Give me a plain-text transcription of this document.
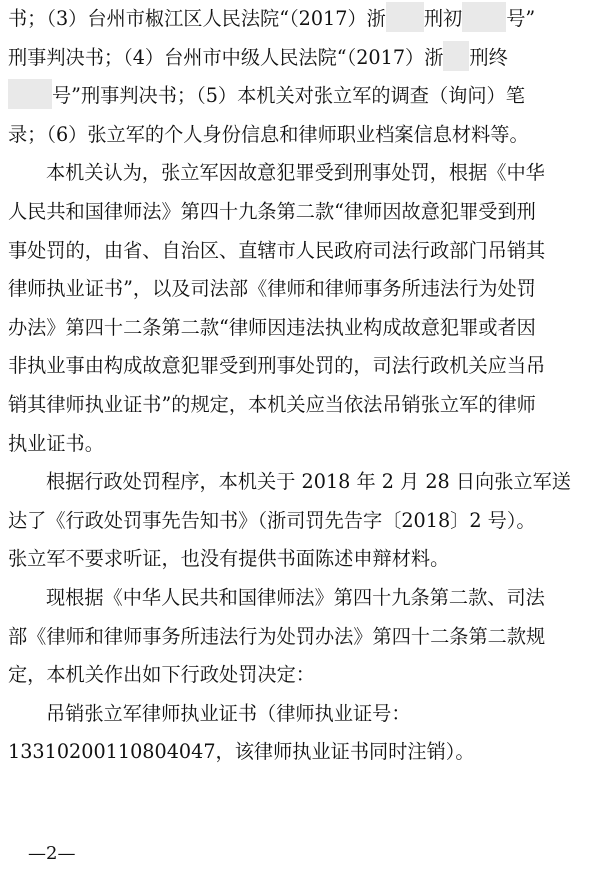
书；（3）台州市椒江区人民法院“（2017）浙 刑初 号”
刑事判决书；（4）台州市中级人民法院“（2017）浙 刑终
号”刑事判决书；（5）本机关对张立军的调查（询问）笔
录；（6）张立军的个人身份信息和律师职业档案信息材料等。
本机关认为，张立军因故意犯罪受到刑事处罚，根据《中华
人民共和国律师法》第四十九条第二款“律师因故意犯罪受到刑
事处罚的，由省、自治区、直辖市人民政府司法行政部门吊销其
律师执业证书”，以及司法部《律师和律师事务所违法行为处罚
办法》第四十二条第二款“律师因违法执业构成故意犯罪或者因
非执业事由构成故意犯罪受到刑事处罚的，司法行政机关应当吊
销其律师执业证书”的规定，本机关应当依法吊销张立军的律师
执业证书。
根据行政处罚程序，本机关于 2018 年 2 月 28 日向张立军送
达了《行政处罚事先告知书》（浙司罚先告字〔2018〕2 号）。
张立军不要求听证，也没有提供书面陈述申辩材料。
现根据《中华人民共和国律师法》第四十九条第二款、司法
部《律师和律师事务所违法行为处罚办法》第四十二条第二款规
定，本机关作出如下行政处罚决定：
吊销张立军律师执业证书（律师执业证号：
13310200110804047，该律师执业证书同时注销）。
—2—
